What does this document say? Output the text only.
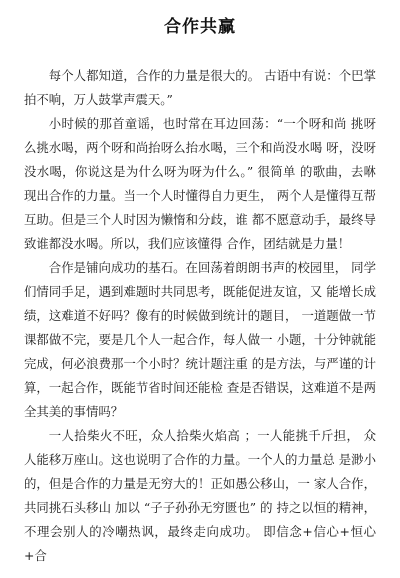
合作共赢

每个人都知道，合作的力量是很大的。 古语中有说：个巴掌拍不响，万人鼓掌声震天。”

小时候的那首童谣，也时常在耳边回荡：“一个呀和尚 挑呀么挑水喝，两个呀和尚抬呀么抬水喝，三个和尚没水喝 呀，没呀没水喝，你说这是为什么呀为呀为什么。” 很简单 的歌曲，去咻现出合作的力量。当一个人时懂得自力更生， 两个人是懂得互帮互助。但是三个人时因为懒惰和分歧，谁 都不愿意动手，最终导致谁都没水喝。所以，我们应该懂得 合作，团结就是力量！

合作是铺向成功的基石。在回荡着朗朗书声的校园里， 同学们情同手足，遇到难题时共同思考，既能促进友谊，又 能增长成绩，这难道不好吗？像有的时候做到统计的题目， 一道题做一节课都做不完，要是几个人一起合作，每人做一 小题，十分钟就能完成，何必浪费那一个小时？统计题注重 的是方法，与严谨的计算，一起合作，既能节省时间还能检 查是否错误，这难道不是两全其美的事情吗？

一人拾柴火不旺，众人拾柴火焰高 ；一人能挑千斤担， 众人能移万座山。这也说明了合作的力量。一个人的力量总 是渺小的，但是合作的力量是无穷大的！正如愚公移山，一 家人合作，共同挑石头移山 加以 “子子孙孙无穷匮也” 的 持之以恒的精神，不理会别人的冷嘲热讽，最终走向成功。 即信念+信心+恒心+合
